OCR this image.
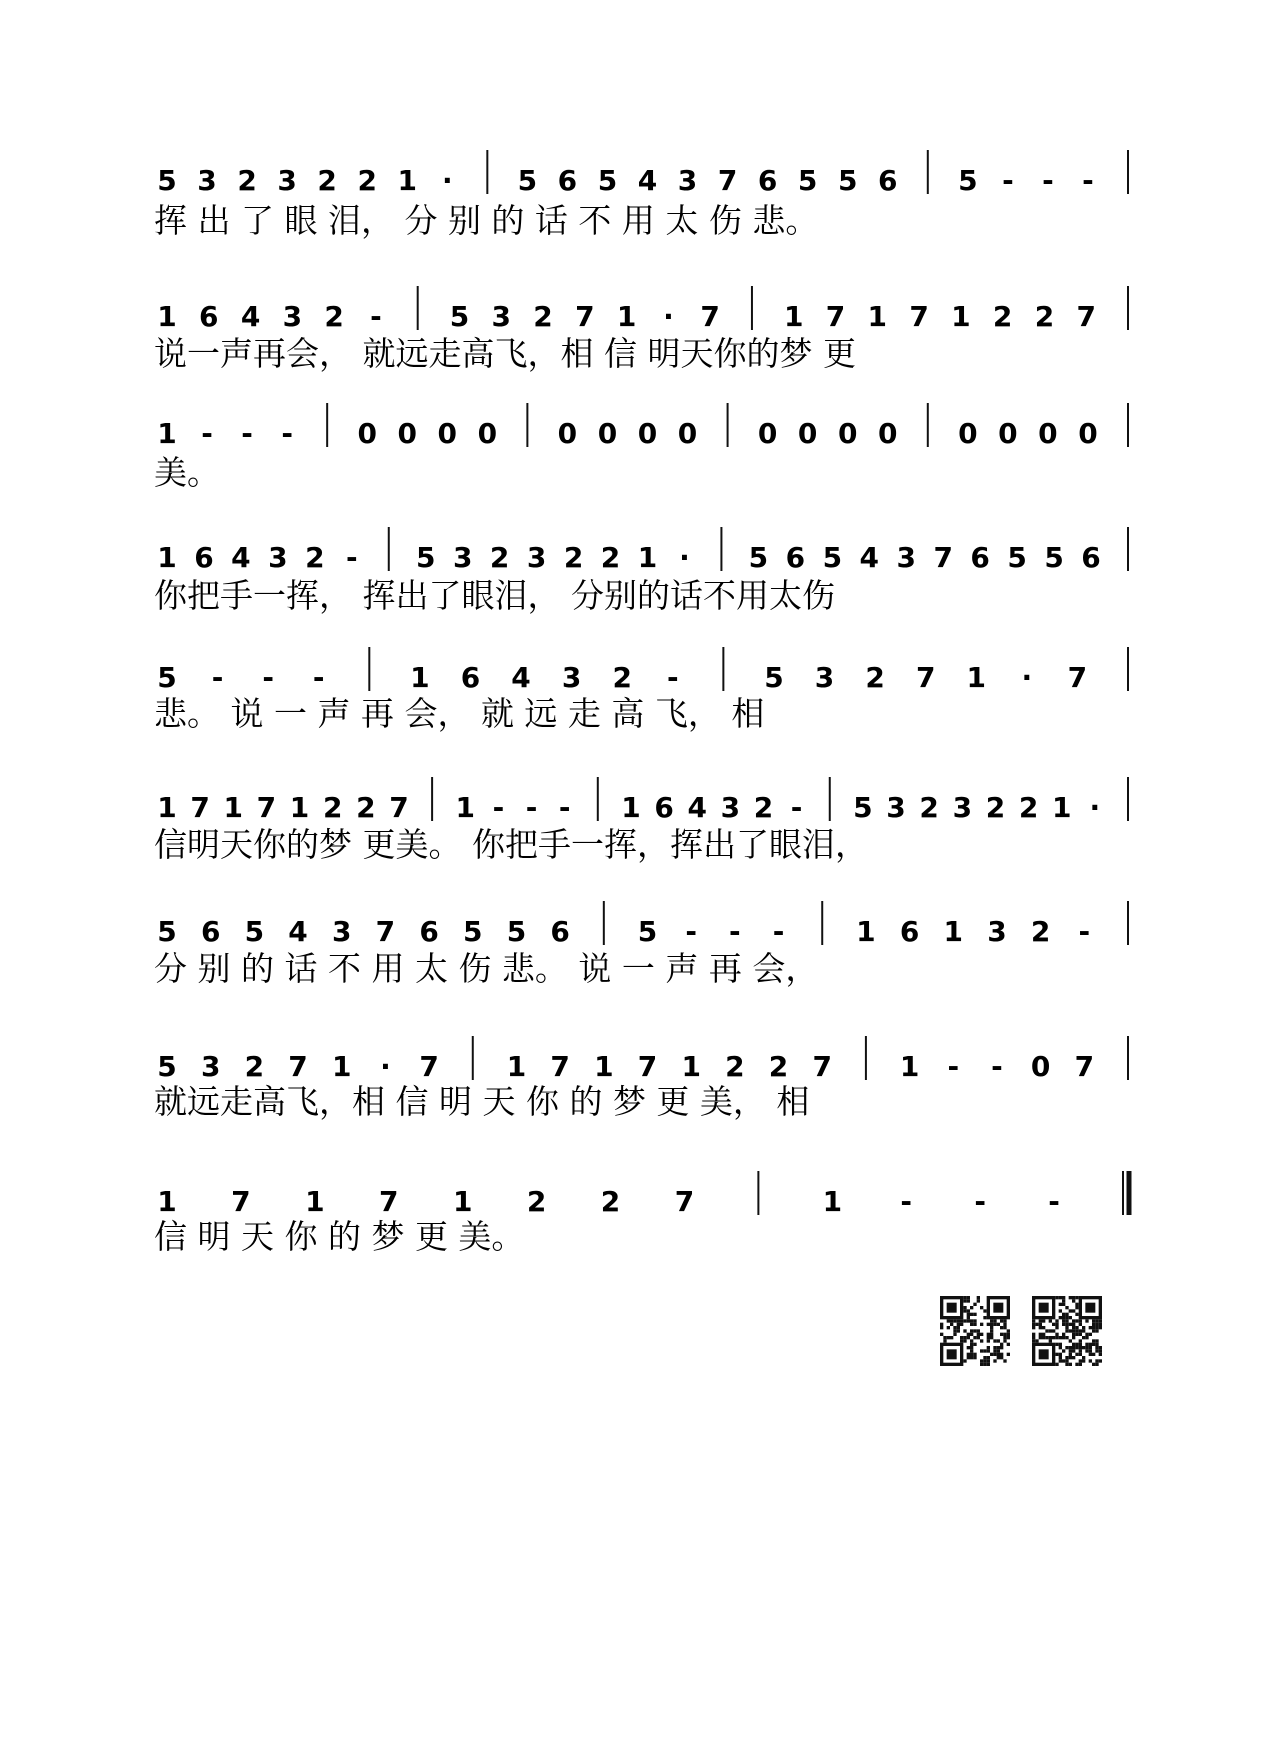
5 3 2 3 2 2 1 · 5 6 5 4 3 7 6 5 5 6 5 - - -
挥 出 了 眼 泪， 分 别 的 话 不 用 太 伤 悲。
1 6 4 3 2 - 5 3 2 7 1 · 7 1 7 1 7 1 2 2 7
说一声再会， 就远走高飞，相 信 明天你的梦 更
1 - - - 0 0 0 0 0 0 0 0 0 0 0 0 0 0 0 0
美。
1 6 4 3 2 - 5 3 2 3 2 2 1 · 5 6 5 4 3 7 6 5 5 6
你把手一挥， 挥出了眼泪， 分别的话不用太伤
5 - - -	1 6 4 3 2 -	5 3 2 7 1 · 7
悲。 说 一 声 再 会， 就 远 走 高 飞， 相
1 7 1 7 1 2 2 7 1 - - - 1 6 4 3 2 - 5 3 2 3 2 2 1 ·
信明天你的梦 更美。 你把手一挥，挥出了眼泪，
5 6 5 4 3 7 6 5 5 6 5 - - -	1 6 1 3 2 -
分 别 的 话 不 用 太 伤 悲。 说 一 声 再 会，
5 3 2 7 1 · 7 1 7 1 7 1 2 2 7 1 - - 0 7
就远走高飞，相 信 明 天 你 的 梦 更 美， 相
1 7 1 7 1 2 2 7	1 - - -
信 明 天 你 的 梦 更 美。
